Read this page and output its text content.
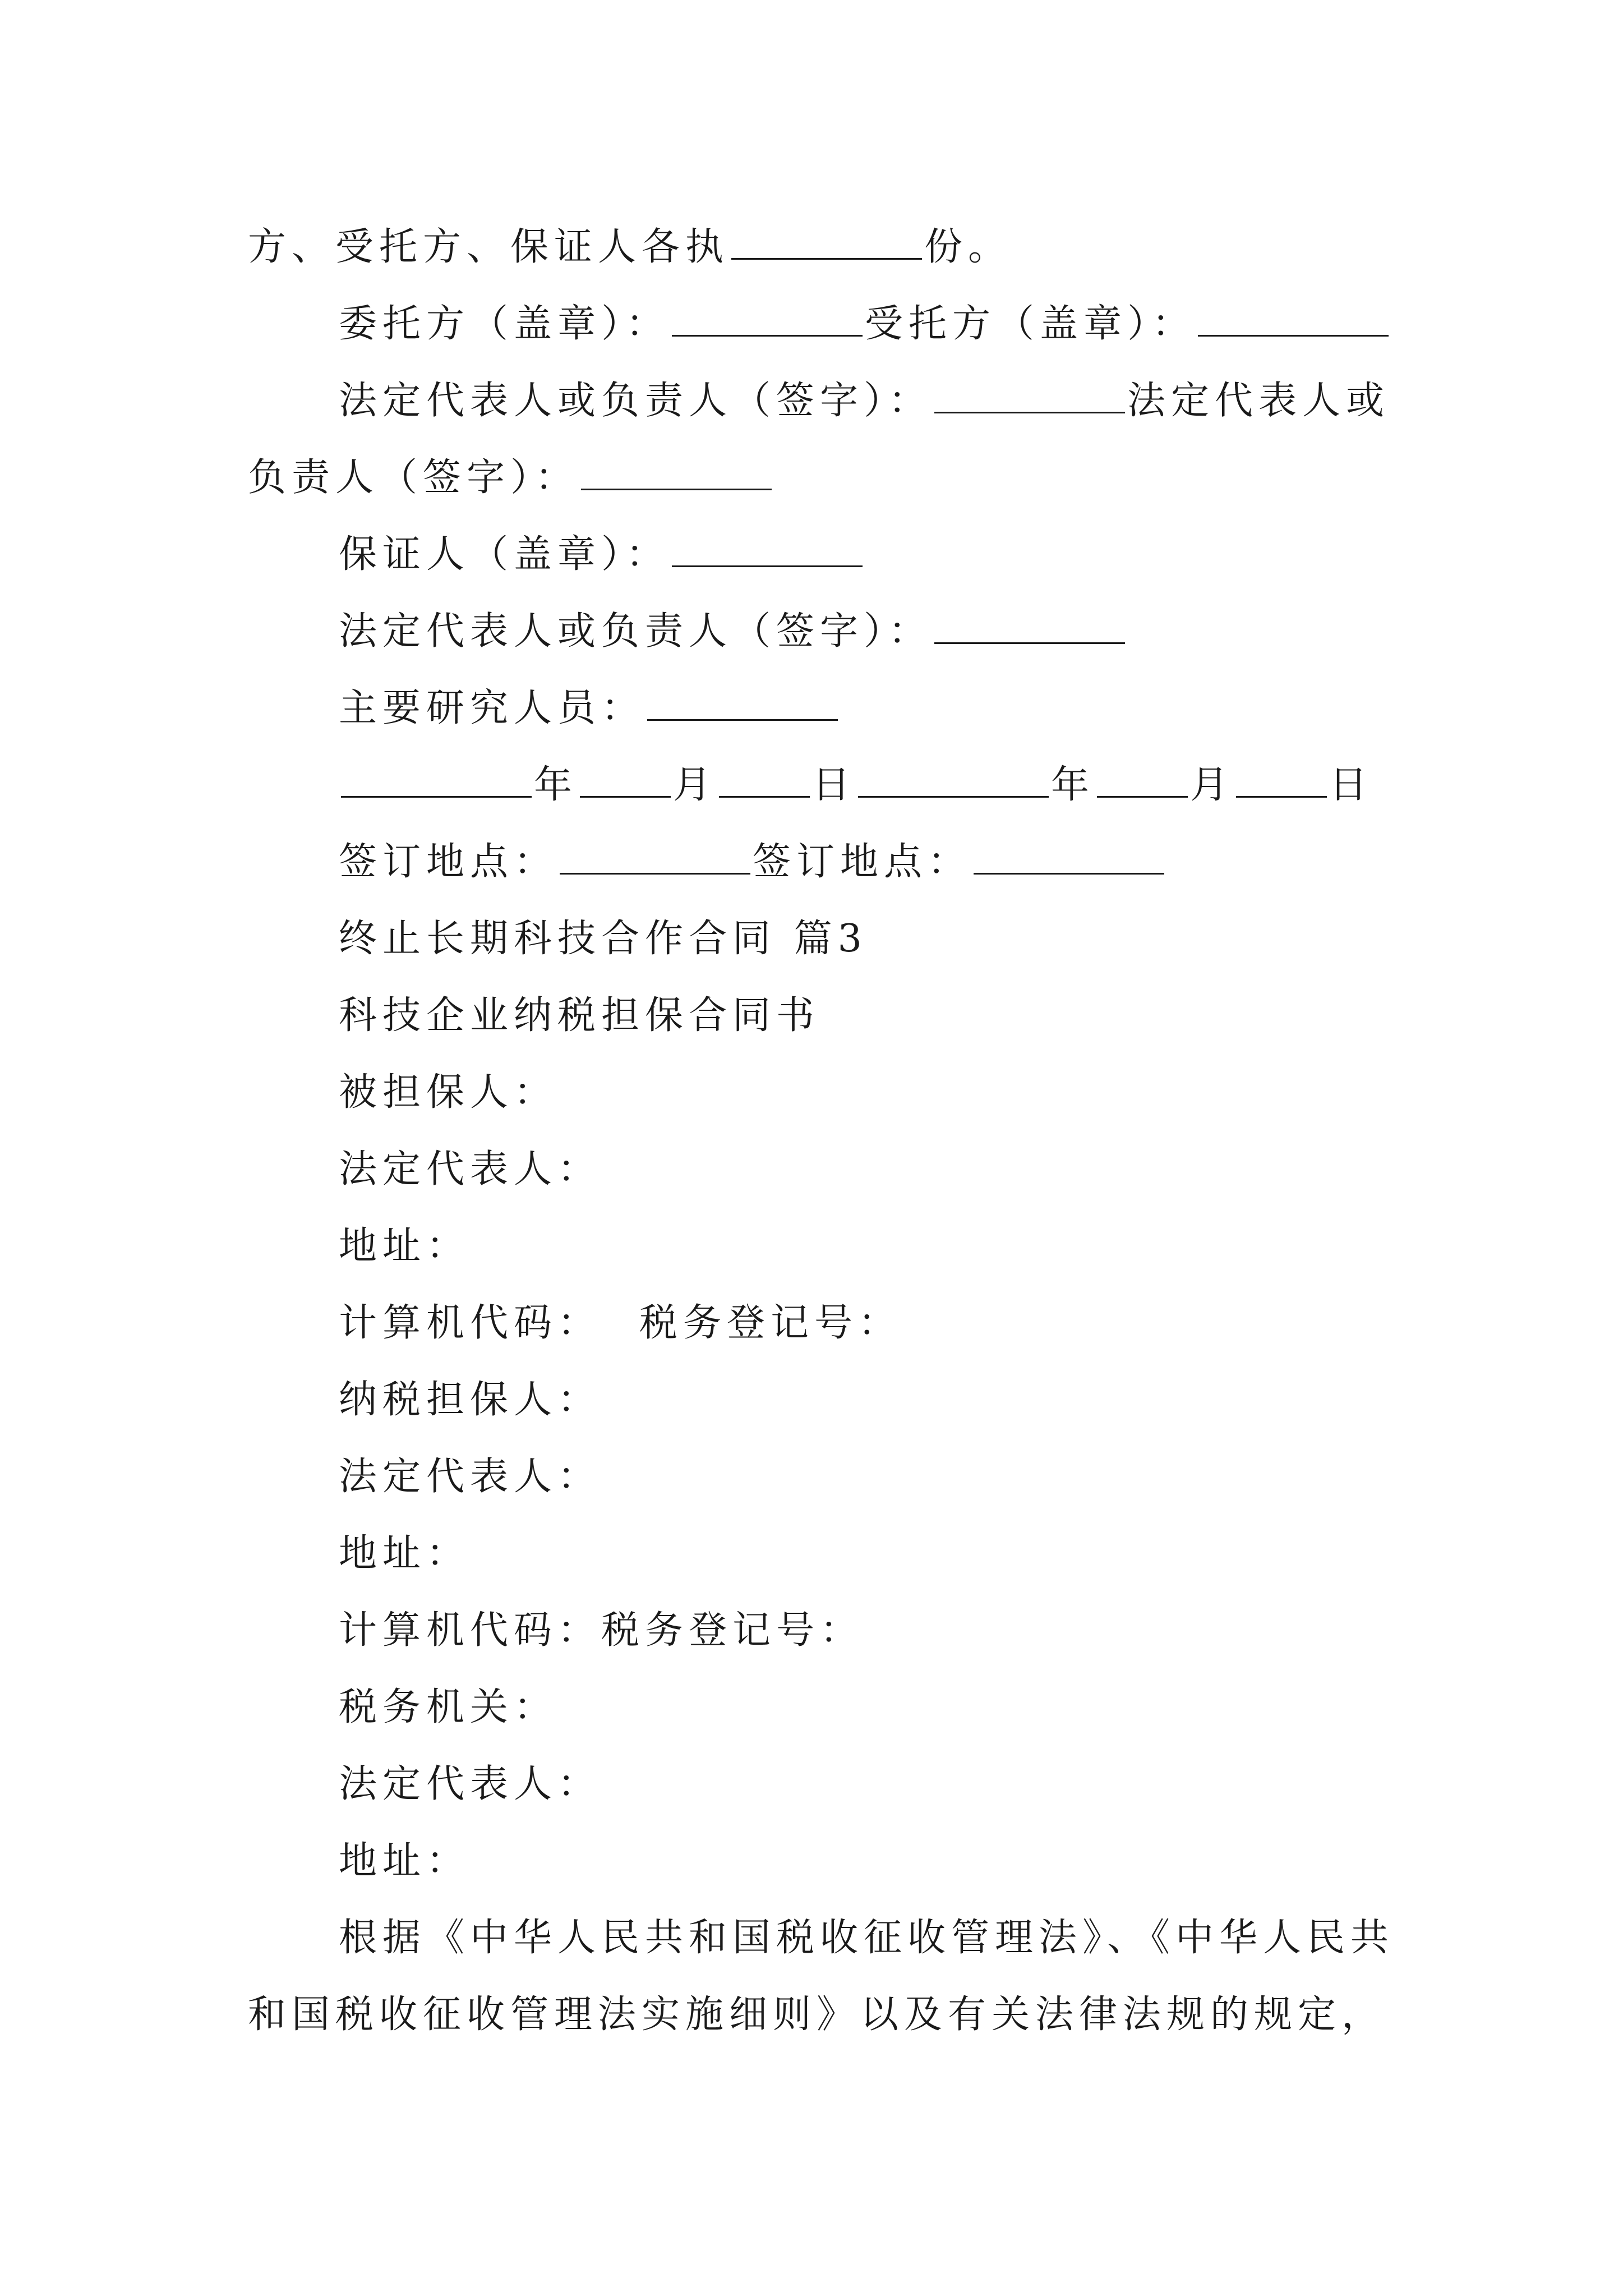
方、受托方、保证人各执	份。
委托方（盖章）：	受托方（盖章）：
法定代表人或负责人（签字）：	法定代表人或
负责人（签字）：
保证人（盖章）：
法定代表人或负责人（签字）：
主要研究人员：
年	月	日	年	月	日
签订地点：	签订地点：
终止长期科技合作合同 篇3
科技企业纳税担保合同书
被担保人：
法定代表人：
地址：
计算机代码： 税务登记号：
纳税担保人：
法定代表人：
地址：
计算机代码：税务登记号：
税务机关：
法定代表人：
地址：
根据《中华人民共和国税收征收管理法》、《中华人民共
和国税收征收管理法实施细则》以及有关法律法规的规定，
